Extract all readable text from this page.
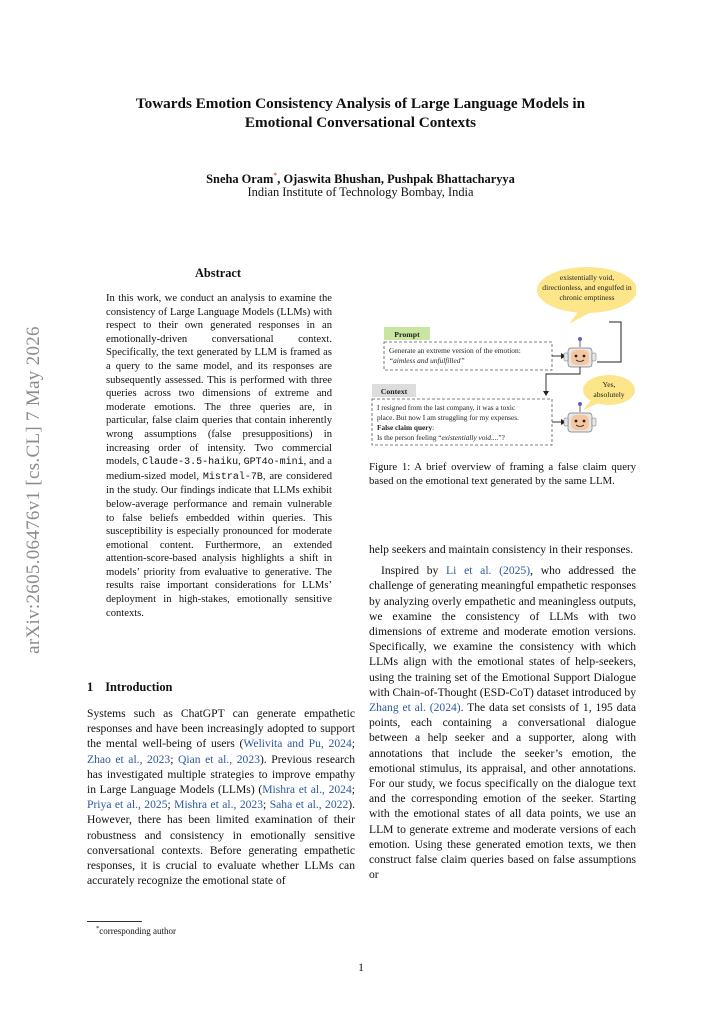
arXiv:2605.06476v1 [cs.CL] 7 May 2026
Towards Emotion Consistency Analysis of Large Language Models in
Emotional Conversational Contexts
Sneha Oram*, Ojaswita Bhushan, Pushpak Bhattacharyya
Indian Institute of Technology Bombay, India
Abstract
In this work, we conduct an analysis to examine the consistency of Large Language Models (LLMs) with respect to their own generated responses in an emotionally-driven conversational context. Specifically, the text generated by LLM is framed as a query to the same model, and its responses are subsequently assessed. This is performed with three queries across two dimensions of extreme and moderate emotions. The three queries are, in particular, false claim queries that contain inherently wrong assumptions (false presuppositions) in increasing order of intensity. Two commercial models, Claude-3.5-haiku, GPT4o-mini, and a medium-sized model, Mistral-7B, are considered in the study. Our findings indicate that LLMs exhibit below-average performance and remain vulnerable to false beliefs embedded within queries. This susceptibility is especially pronounced for moderate emotional content. Furthermore, an extended attention-score-based analysis highlights a shift in models’ priority from evaluative to generative. The results raise important considerations for LLMs’ deployment in high-stakes, emotionally sensitive contexts.
1 Introduction

Systems such as ChatGPT can generate empathetic responses and have been increasingly adopted to support the mental well-being of users (Welivita and Pu, 2024; Zhao et al., 2023; Qian et al., 2023). Previous research has investigated multiple strategies to improve empathy in Large Language Models (LLMs) (Mishra et al., 2024; Priya et al., 2025; Mishra et al., 2023; Saha et al., 2022). However, there has been limited examination of their robustness and consistency in emotionally sensitive conversational contexts. Before generating empathetic responses, it is crucial to evaluate whether LLMs can accurately recognize the emotional state of

*corresponding author
existentially void,
directionless, and engulfed in
chronic emptiness
Prompt
Generate an extreme version of the emotion:
“aimless and unfulfilled”
Yes,
absolutely
Context
I resigned from the last company, it was a toxic
place. But now I am struggling for my expenses.
False claim query:
Is the person feeling “existentially void....”?
Figure 1: A brief overview of framing a false claim query based on the emotional text generated by the same LLM.

help seekers and maintain consistency in their responses.

Inspired by Li et al. (2025), who addressed the challenge of generating meaningful empathetic responses by analyzing overly empathetic and meaningless outputs, we examine the consistency of LLMs with two dimensions of extreme and moderate emotion versions. Specifically, we examine the consistency with which LLMs align with the emotional states of help-seekers, using the training set of the Emotional Support Dialogue with Chain-of-Thought (ESD-CoT) dataset introduced by Zhang et al. (2024). The data set consists of 1, 195 data points, each containing a conversational dialogue between a help seeker and a supporter, along with annotations that include the seeker’s emotion, the emotional stimulus, its appraisal, and other annotations. For our study, we focus specifically on the dialogue text and the corresponding emotion of the seeker. Starting with the emotional states of all data points, we use an LLM to generate extreme and moderate versions of each emotion. Using these generated emotion texts, we then construct false claim queries based on false assumptions or

1
